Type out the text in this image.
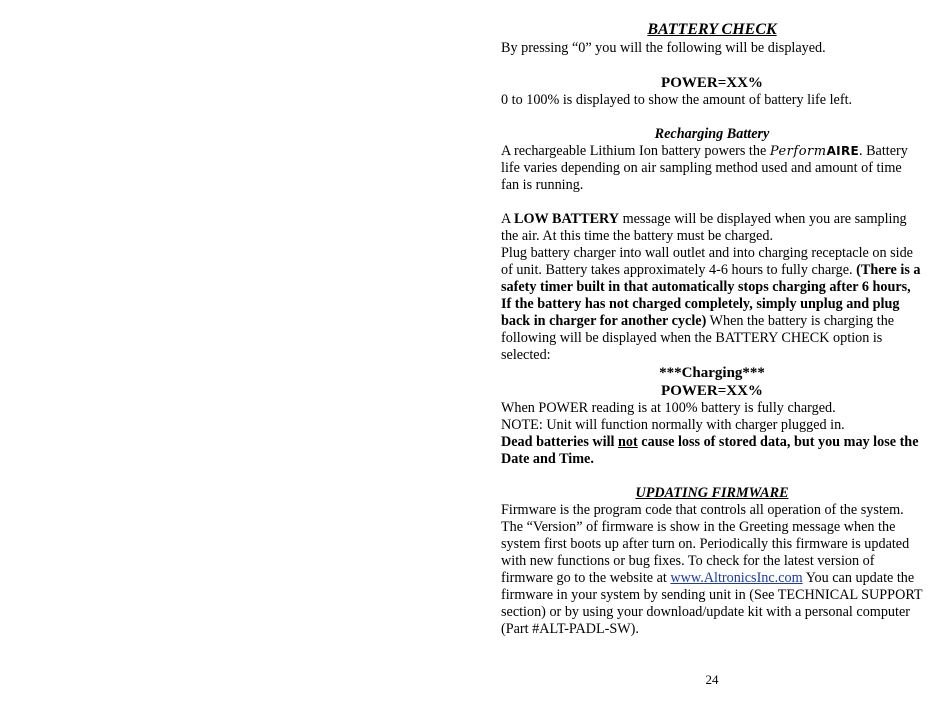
BATTERY CHECK

By pressing “0” you will the following will be displayed.

POWER=XX%

0 to 100% is displayed to show the amount of battery life left.

Recharging Battery

A rechargeable Lithium Ion battery powers the PerformAIRE. Battery life varies depending on air sampling method used and amount of time fan is running.

A LOW BATTERY message will be displayed when you are sampling the air. At this time the battery must be charged.

Plug battery charger into wall outlet and into charging receptacle on side of unit. Battery takes approximately 4-6 hours to fully charge. (There is a safety timer built in that automatically stops charging after 6 hours, If the battery has not charged completely, simply unplug and plug back in charger for another cycle) When the battery is charging the following will be displayed when the BATTERY CHECK option is selected:

***Charging***

POWER=XX%

When POWER reading is at 100% battery is fully charged.

NOTE: Unit will function normally with charger plugged in.

Dead batteries will not cause loss of stored data, but you may lose the Date and Time.

UPDATING FIRMWARE

Firmware is the program code that controls all operation of the system. The “Version” of firmware is show in the Greeting message when the system first boots up after turn on. Periodically this firmware is updated with new functions or bug fixes. To check for the latest version of firmware go to the website at www.AltronicsInc.com You can update the firmware in your system by sending unit in (See TECHNICAL SUPPORT section) or by using your download/update kit with a personal computer (Part #ALT-PADL-SW).

24
